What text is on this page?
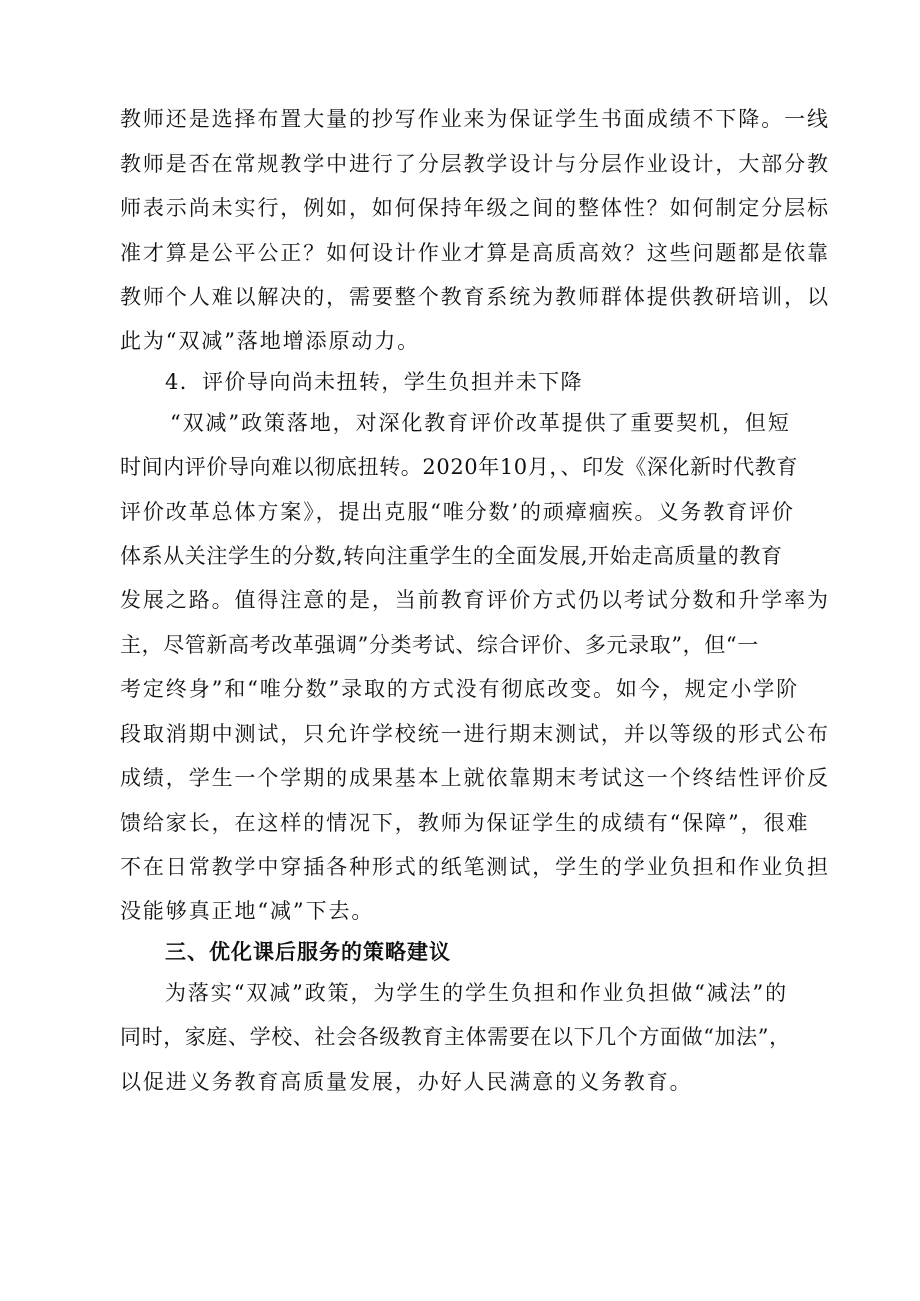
教师还是选择布置大量的抄写作业来为保证学生书面成绩不下降。一线
教师是否在常规教学中进行了分层教学设计与分层作业设计，大部分教
师表示尚未实行，例如，如何保持年级之间的整体性？如何制定分层标
准才算是公平公正？如何设计作业才算是高质高效？这些问题都是依靠
教师个人难以解决的，需要整个教育系统为教师群体提供教研培训，以
此为“双减”落地增添原动力。
4．评价导向尚未扭转，学生负担并未下降
“双减”政策落地，对深化教育评价改革提供了重要契机，但短
时间内评价导向难以彻底扭转。2020年10月，、印发《深化新时代教育
评价改革总体方案》，提出克服“唯分数’的顽瘴痼疾。义务教育评价
体系从关注学生的分数,转向注重学生的全面发展,开始走高质量的教育
发展之路。值得注意的是，当前教育评价方式仍以考试分数和升学率为
主，尽管新高考改革强调”分类考试、综合评价、多元录取”，但“一
考定终身”和“唯分数”录取的方式没有彻底改变。如今，规定小学阶
段取消期中测试，只允许学校统一进行期末测试，并以等级的形式公布
成绩，学生一个学期的成果基本上就依靠期末考试这一个终结性评价反
馈给家长，在这样的情况下，教师为保证学生的成绩有“保障”，很难
不在日常教学中穿插各种形式的纸笔测试，学生的学业负担和作业负担
没能够真正地“减”下去。
三、优化课后服务的策略建议
为落实“双减”政策，为学生的学生负担和作业负担做“减法”的
同时，家庭、学校、社会各级教育主体需要在以下几个方面做“加法”，
以促进义务教育高质量发展，办好人民满意的义务教育。
